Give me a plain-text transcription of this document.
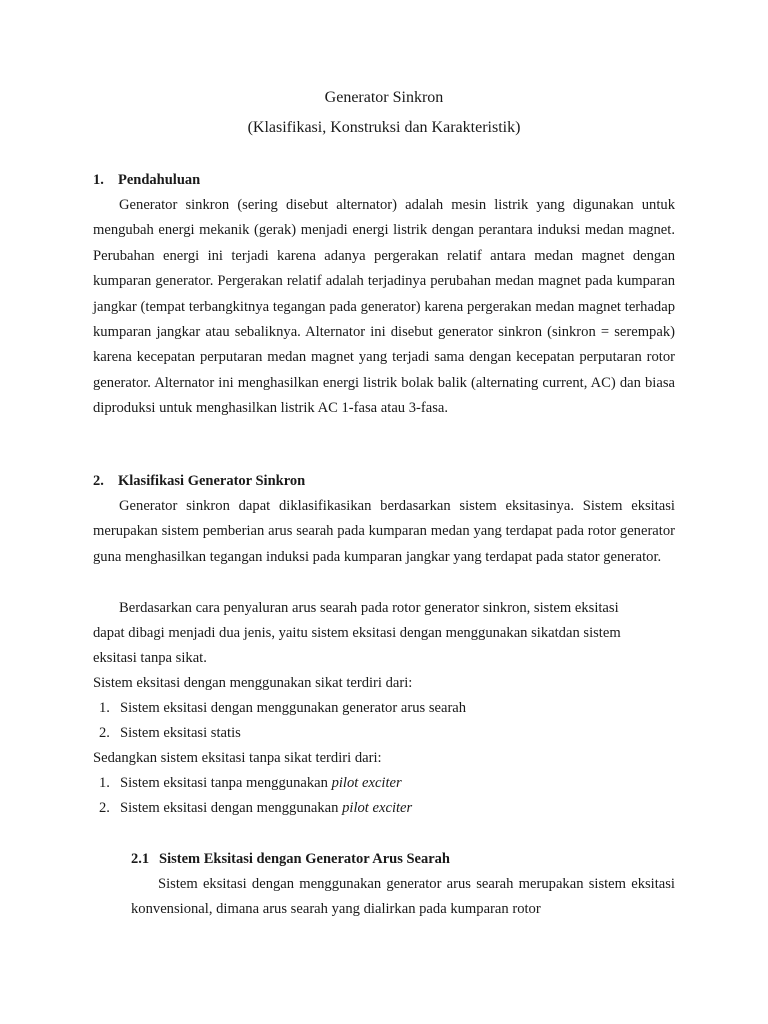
Generator Sinkron
(Klasifikasi, Konstruksi dan Karakteristik)
1. Pendahuluan

Generator sinkron (sering disebut alternator) adalah mesin listrik yang digunakan untuk mengubah energi mekanik (gerak) menjadi energi listrik dengan perantara induksi medan magnet. Perubahan energi ini terjadi karena adanya pergerakan relatif antara medan magnet dengan kumparan generator. Pergerakan relatif adalah terjadinya perubahan medan magnet pada kumparan jangkar (tempat terbangkitnya tegangan pada generator) karena pergerakan medan magnet terhadap kumparan jangkar atau sebaliknya. Alternator ini disebut generator sinkron (sinkron = serempak) karena kecepatan perputaran medan magnet yang terjadi sama dengan kecepatan perputaran rotor generator. Alternator ini menghasilkan energi listrik bolak balik (alternating current, AC) dan biasa diproduksi untuk menghasilkan listrik AC 1-fasa atau 3-fasa.

2. Klasifikasi Generator Sinkron

Generator sinkron dapat diklasifikasikan berdasarkan sistem eksitasinya. Sistem eksitasi merupakan sistem pemberian arus searah pada kumparan medan yang terdapat pada rotor generator guna menghasilkan tegangan induksi pada kumparan jangkar yang terdapat pada stator generator.

Berdasarkan cara penyaluran arus searah pada rotor generator sinkron, sistem eksitasi
dapat dibagi menjadi dua jenis, yaitu sistem eksitasi dengan menggunakan sikatdan sistem
eksitasi tanpa sikat.
Sistem eksitasi dengan menggunakan sikat terdiri dari:
1. Sistem eksitasi dengan menggunakan generator arus searah
2. Sistem eksitasi statis
Sedangkan sistem eksitasi tanpa sikat terdiri dari:
1. Sistem eksitasi tanpa menggunakan pilot exciter
2. Sistem eksitasi dengan menggunakan pilot exciter
2.1 Sistem Eksitasi dengan Generator Arus Searah

Sistem eksitasi dengan menggunakan generator arus searah merupakan sistem eksitasi konvensional, dimana arus searah yang dialirkan pada kumparan rotor
